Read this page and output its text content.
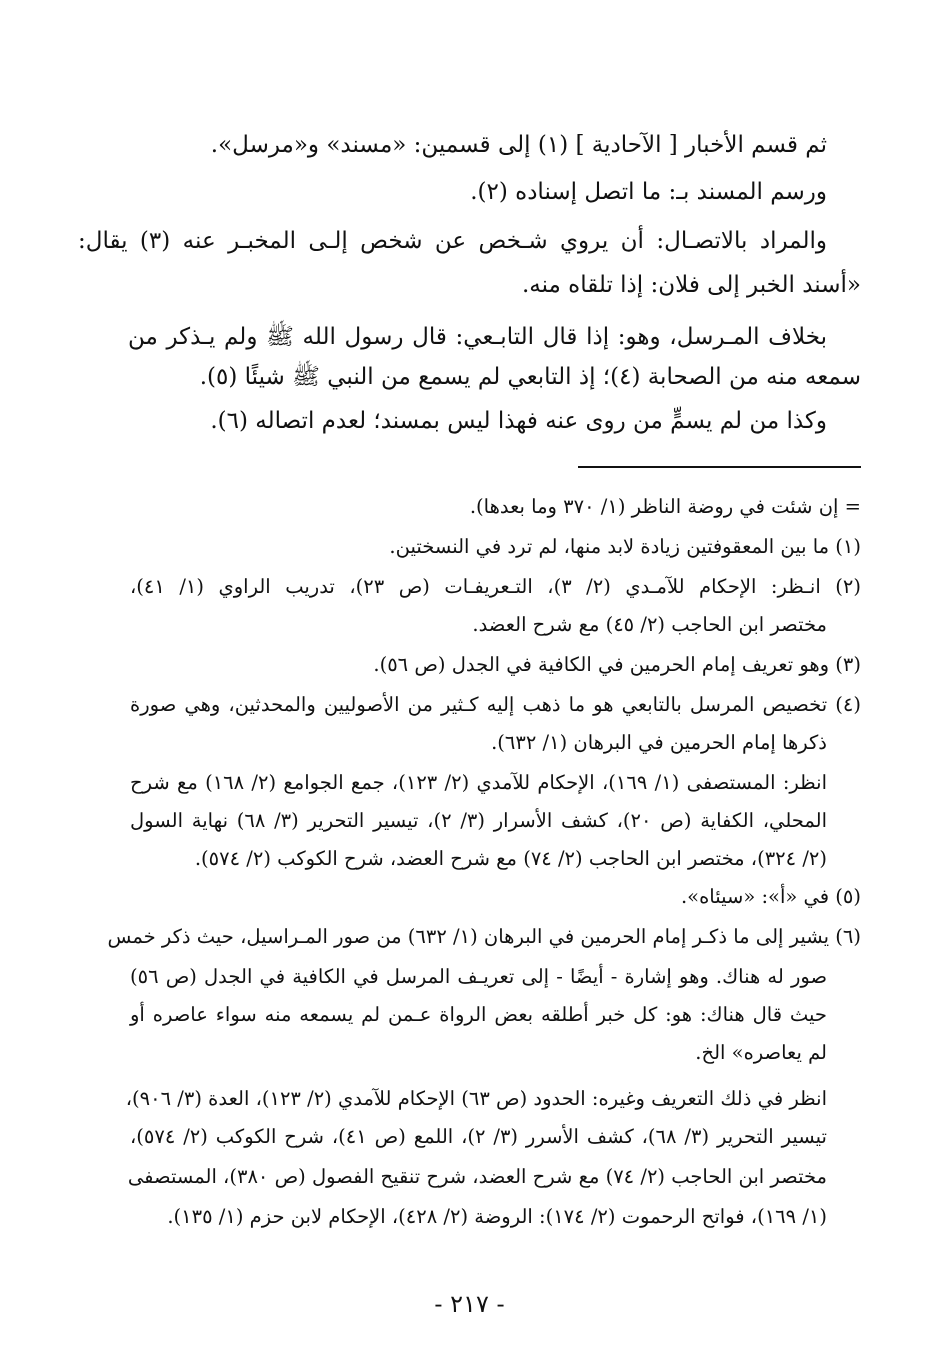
ثم قسم الأخبار [ الآحادية ] (١) إلى قسمين: «مسند» و«مرسل».
ورسم المسند بـ: ما اتصل إسناده (٢).
والمراد بالاتصـال: أن يروي شـخص عن شخص إلـى المخبـر عنه (٣) يقال:
«أسند الخبر إلى فلان: إذا تلقاه منه.
بخلاف المـرسل، وهو: إذا قال التابـعي: قال رسول الله ﷺ ولم يـذكر من
سمعه منه من الصحابة (٤)؛ إذ التابعي لم يسمع من النبي ﷺ شيئًا (٥).
وكذا من لم يسمٍّ من روى عنه فهذا ليس بمسند؛ لعدم اتصاله (٦).
= إن شئت في روضة الناظر (١/ ٣٧٠ وما بعدها).
(١) ما بين المعقوفتين زيادة لابد منها، لم ترد في النسختين.
(٢) انـظر: الإحكام للآمـدي (٢/ ٣)، التـعريفـات (ص ٢٣)، تدريب الراوي (١/ ٤١)،
مختصر ابن الحاجب (٢/ ٤٥) مع شرح العضد.
(٣) وهو تعريف إمام الحرمين في الكافية في الجدل (ص ٥٦).
(٤) تخصيص المرسل بالتابعي هو ما ذهب إليه كـثير من الأصوليين والمحدثين، وهي صورة
ذكرها إمام الحرمين في البرهان (١/ ٦٣٢).
انظر: المستصفى (١/ ١٦٩)، الإحكام للآمدي (٢/ ١٢٣)، جمع الجوامع (٢/ ١٦٨) مع شرح
المحلي، الكفاية (ص ٢٠)، كشف الأسرار (٣/ ٢)، تيسير التحرير (٣/ ٦٨) نهاية السول
(٢/ ٣٢٤)، مختصر ابن الحاجب (٢/ ٧٤) مع شرح العضد، شرح الكوكب (٢/ ٥٧٤).
(٥) في «أ»: «سيئاه».
(٦) يشير إلى ما ذكـر إمام الحرمين في البرهان (١/ ٦٣٢) من صور المـراسيل، حيث ذكر خمس
صور له هناك. وهو إشارة - أيضًا - إلى تعريـف المرسل في الكافية في الجدل (ص ٥٦)
حيث قال هناك: هو: كل خبر أطلقه بعض الرواة عـمن لم يسمعه منه سواء عاصره أو
لم يعاصره» الخ.
انظر في ذلك التعريف وغيره: الحدود (ص ٦٣) الإحكام للآمدي (٢/ ١٢٣)، العدة (٣/ ٩٠٦)،
تيسير التحرير (٣/ ٦٨)، كشف الأسرر (٣/ ٢)، اللمع (ص ٤١)، شرح الكوكب (٢/ ٥٧٤)،
مختصر ابن الحاجب (٢/ ٧٤) مع شرح العضد، شرح تنقيح الفصول (ص ٣٨٠)، المستصفى
(١/ ١٦٩)، فواتح الرحموت (٢/ ١٧٤): الروضة (٢/ ٤٢٨)، الإحكام لابن حزم (١/ ١٣٥).
- ٢١٧ -
